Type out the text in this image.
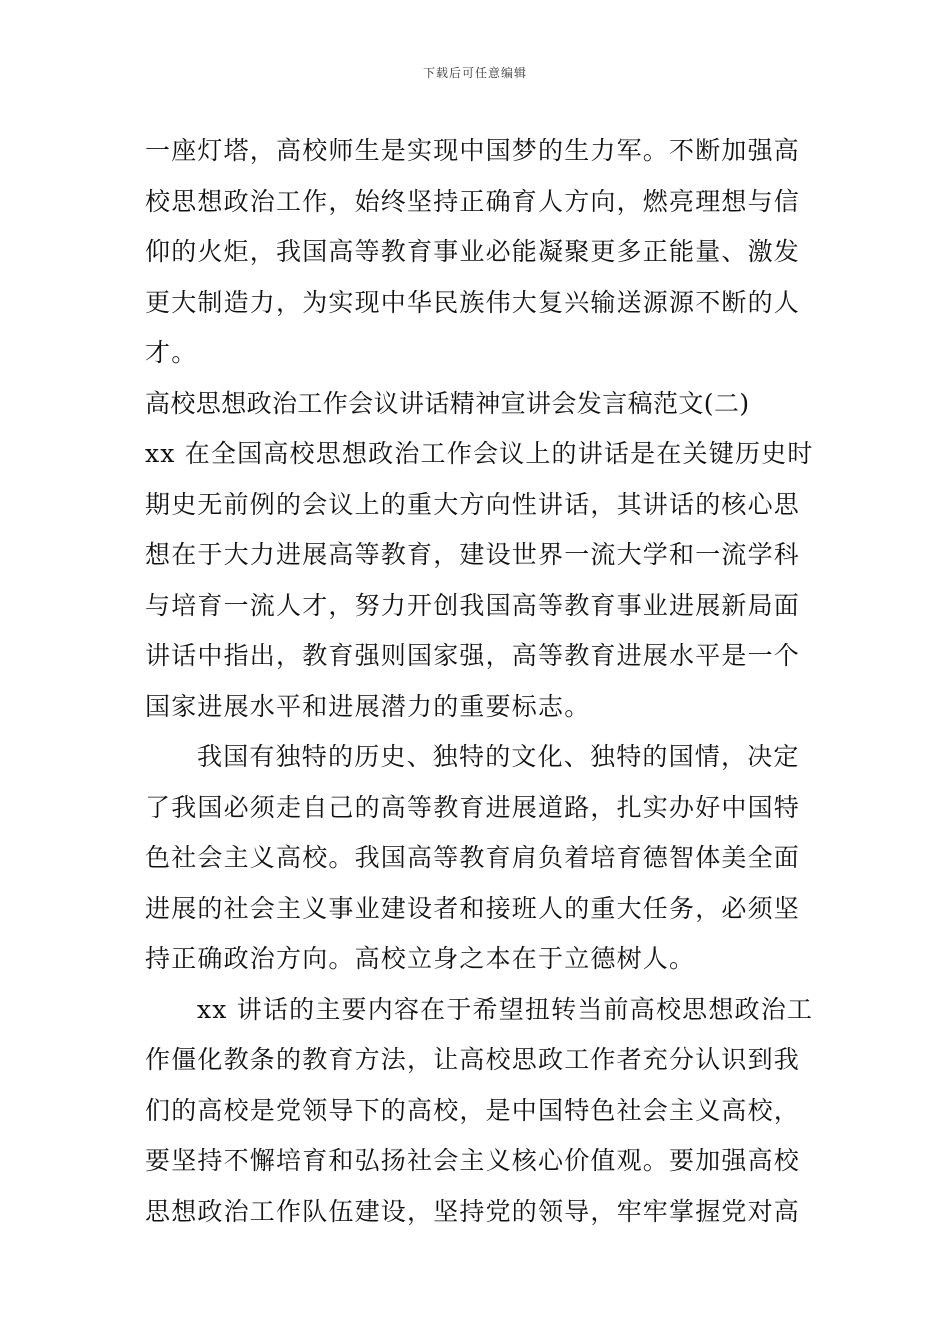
下载后可任意编辑
一座灯塔，高校师生是实现中国梦的生力军。不断加强高
校思想政治工作，始终坚持正确育人方向，燃亮理想与信
仰的火炬，我国高等教育事业必能凝聚更多正能量、激发
更大制造力，为实现中华民族伟大复兴输送源源不断的人
才。
高校思想政治工作会议讲话精神宣讲会发言稿范文(二)
xx 在全国高校思想政治工作会议上的讲话是在关键历史时
期史无前例的会议上的重大方向性讲话，其讲话的核心思
想在于大力进展高等教育，建设世界一流大学和一流学科
与培育一流人才，努力开创我国高等教育事业进展新局面
讲话中指出，教育强则国家强，高等教育进展水平是一个
国家进展水平和进展潜力的重要标志。
我国有独特的历史、独特的文化、独特的国情，决定
了我国必须走自己的高等教育进展道路，扎实办好中国特
色社会主义高校。我国高等教育肩负着培育德智体美全面
进展的社会主义事业建设者和接班人的重大任务，必须坚
持正确政治方向。高校立身之本在于立德树人。
xx 讲话的主要内容在于希望扭转当前高校思想政治工
作僵化教条的教育方法，让高校思政工作者充分认识到我
们的高校是党领导下的高校，是中国特色社会主义高校，
要坚持不懈培育和弘扬社会主义核心价值观。要加强高校
思想政治工作队伍建设，坚持党的领导，牢牢掌握党对高
